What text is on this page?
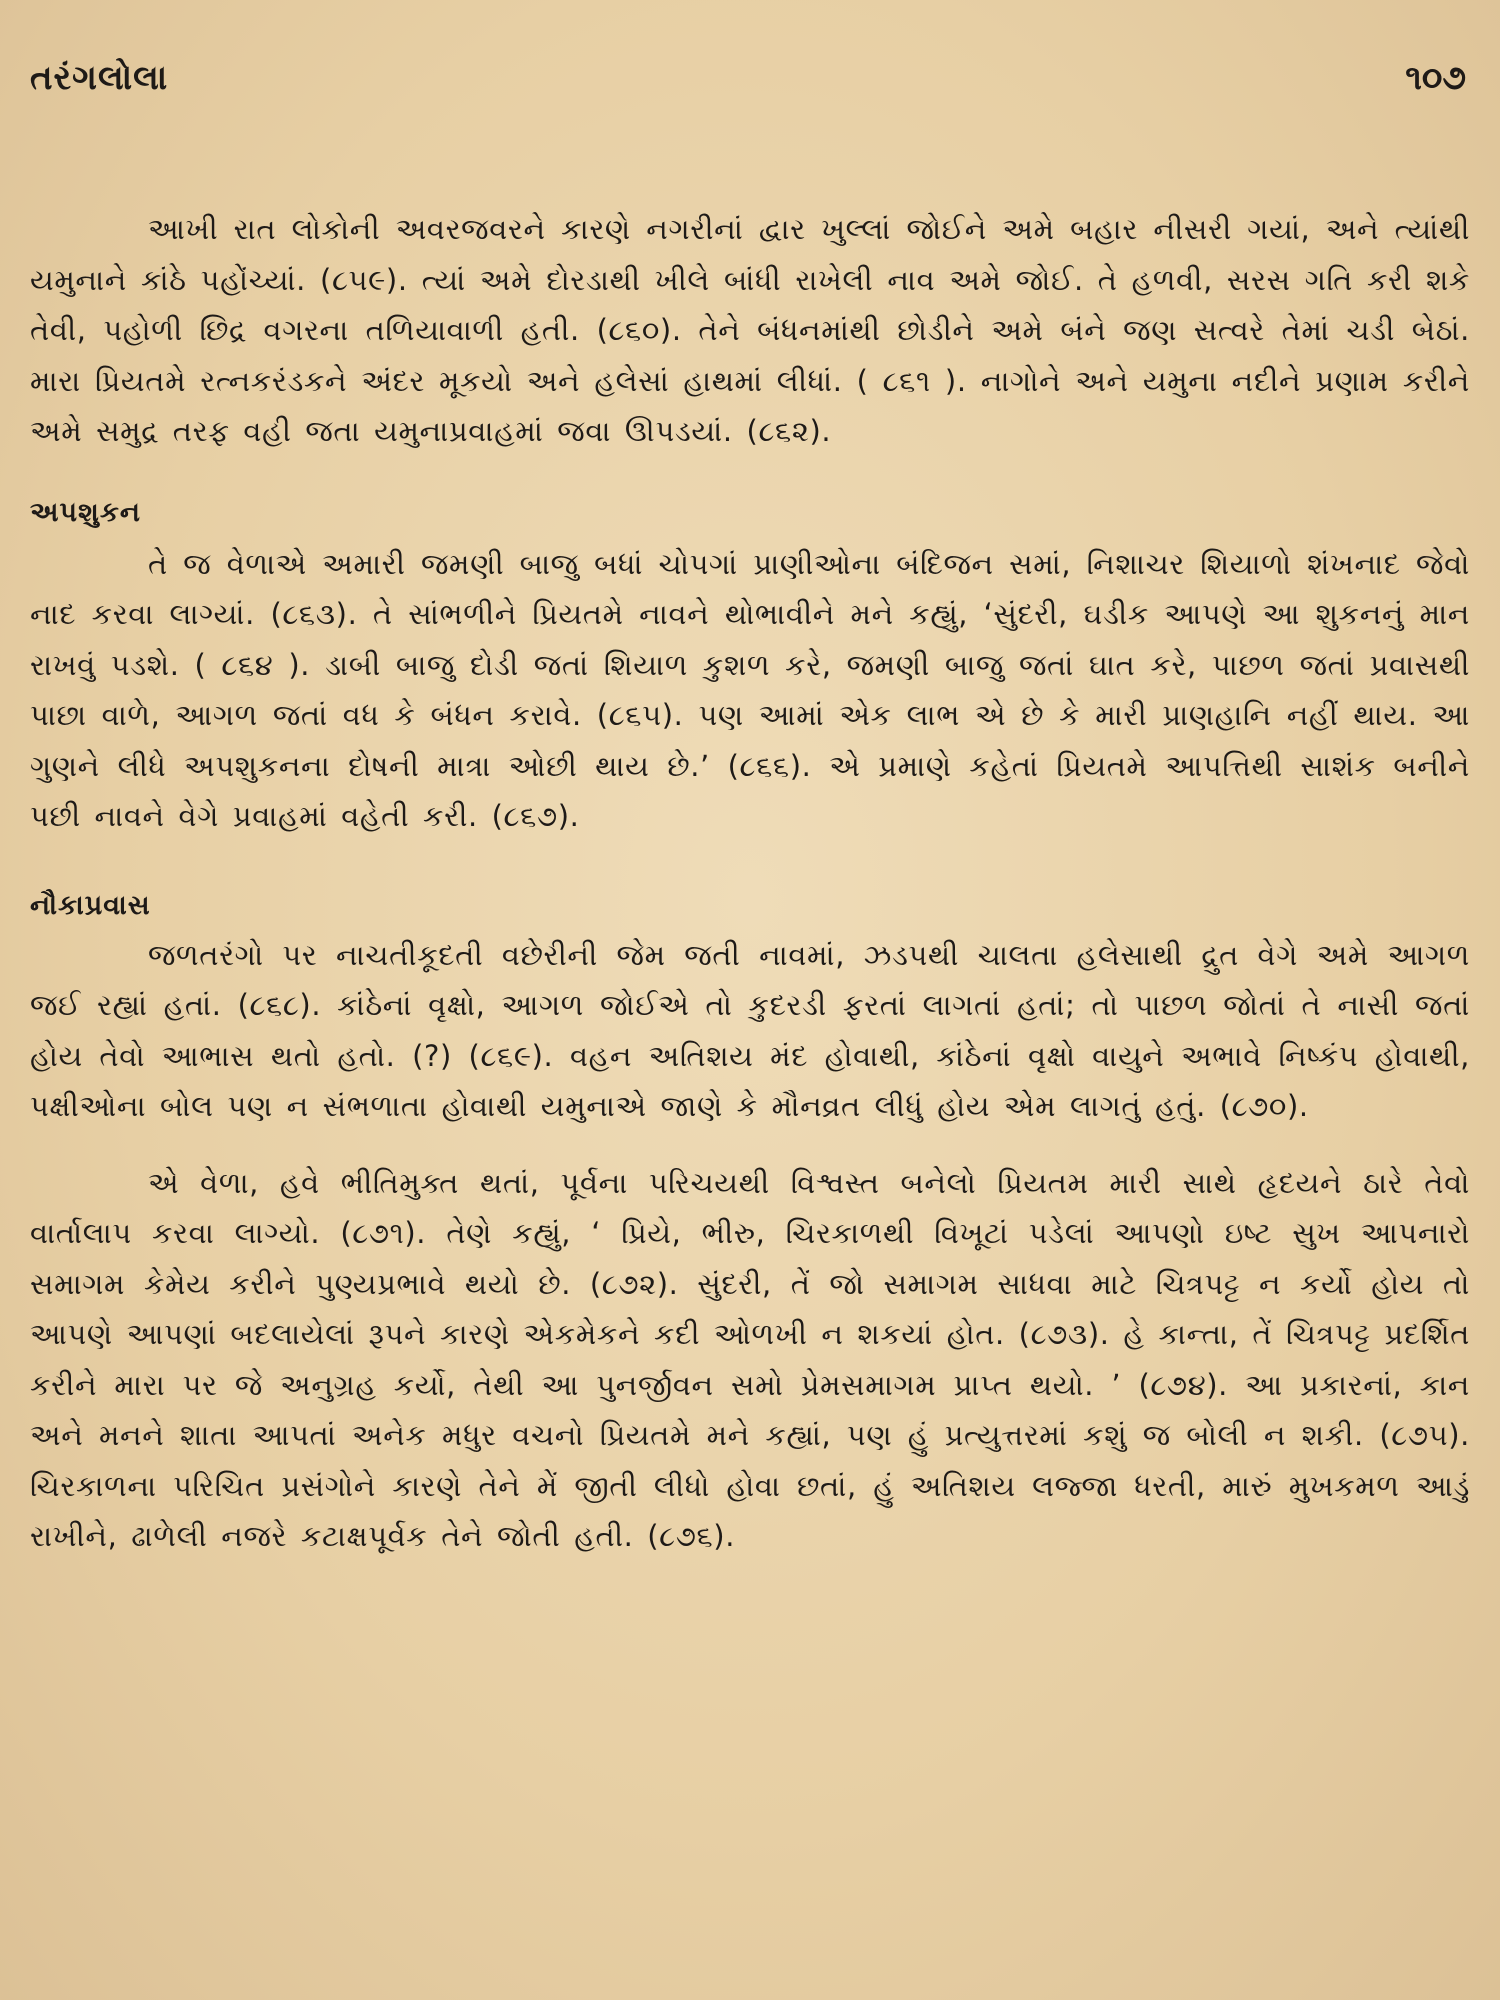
તરંગલોલા	૧૦૭

આખી રાત લોકોની અવરજવરને કારણે નગરીનાં દ્વાર ખુલ્લાં જોઈને અમે બહાર નીસરી ગયાં, અને ત્યાંથી યમુનાને કાંઠે પહોંચ્યાં. (૮૫૯). ત્યાં અમે દોરડાથી ખીલે બાંધી રાખેલી નાવ અમે જોઈ. તે હળવી, સરસ ગતિ કરી શકે તેવી, પહોળી છિદ્ર વગરના તળિયાવાળી હતી. (૮૬૦). તેને બંધનમાંથી છોડીને અમે બંને જણ સત્વરે તેમાં ચડી બેઠાં. મારા પ્રિયતમે રત્નકરંડકને અંદર મૂકયો અને હલેસાં હાથમાં લીધાં. ( ૮૬૧ ). નાગોને અને યમુના નદીને પ્રણામ કરીને અમે સમુદ્ર તરફ વહી જતા યમુનાપ્રવાહમાં જવા ઊપડયાં. (૮૬૨).

અપશુકન

તે જ વેળાએ અમારી જમણી બાજુ બધાં ચોપગાં પ્રાણીઓના બંદિજન સમાં, નિશાચર શિયાળો શંખનાદ જેવો નાદ કરવા લાગ્યાં. (૮૬૩). તે સાંભળીને પ્રિયતમે નાવને થોભાવીને મને કહ્યું, ‘સુંદરી, ઘડીક આપણે આ શુકનનું માન રાખવું પડશે. ( ૮૬૪ ). ડાબી બાજુ દોડી જતાં શિયાળ કુશળ કરે, જમણી બાજુ જતાં ઘાત કરે, પાછળ જતાં પ્રવાસથી પાછા વાળે, આગળ જતાં વધ કે બંધન કરાવે. (૮૬૫). પણ આમાં એક લાભ એ છે કે મારી પ્રાણહાનિ નહીં થાય. આ ગુણને લીધે અપશુકનના દોષની માત્રા ઓછી થાય છે.’ (૮૬૬). એ પ્રમાણે કહેતાં પ્રિયતમે આપત્તિથી સાશંક બનીને પછી નાવને વેગે પ્રવાહમાં વહેતી કરી. (૮૬૭).

નૌકાપ્રવાસ

જળતરંગો પર નાચતીકૂદતી વછેરીની જેમ જતી નાવમાં, ઝડપથી ચાલતા હલેસાથી દ્રુત વેગે અમે આગળ જઈ રહ્યાં હતાં. (૮૬૮). કાંઠેનાં વૃક્ષો, આગળ જોઈએ તો કુદરડી ફરતાં લાગતાં હતાં; તો પાછળ જોતાં તે નાસી જતાં હોય તેવો આભાસ થતો હતો. (?) (૮૬૯). વહન અતિશય મંદ હોવાથી, કાંઠેનાં વૃક્ષો વાયુને અભાવે નિષ્કંપ હોવાથી, પક્ષીઓના બોલ પણ ન સંભળાતા હોવાથી યમુનાએ જાણે કે મૌનવ્રત લીધું હોય એમ લાગતું હતું. (૮૭૦).

એ વેળા, હવે ભીતિમુક્ત થતાં, પૂર્વના પરિચયથી વિશ્વસ્ત બનેલો પ્રિયતમ મારી સાથે હૃદયને ઠારે તેવો વાર્તાલાપ કરવા લાગ્યો. (૮૭૧). તેણે કહ્યું, ‘ પ્રિયે, ભીરુ, ચિરકાળથી વિખૂટાં પડેલાં આપણો ઇષ્ટ સુખ આપનારો સમાગમ કેમેય કરીને પુણ્યપ્રભાવે થયો છે. (૮૭૨). સુંદરી, તેં જો સમાગમ સાધવા માટે ચિત્રપટ્ટ ન કર્યો હોય તો આપણે આપણાં બદલાયેલાં રૂપને કારણે એકમેકને કદી ઓળખી ન શકયાં હોત. (૮૭૩). હે કાન્તા, તેં ચિત્રપટ્ટ પ્રદર્શિત કરીને મારા પર જે અનુગ્રહ કર્યો, તેથી આ પુનર્જીવન સમો પ્રેમસમાગમ પ્રાપ્ત થયો. ’ (૮૭૪). આ પ્રકારનાં, કાન અને મનને શાતા આપતાં અનેક મધુર વચનો પ્રિયતમે મને કહ્યાં, પણ હું પ્રત્યુત્તરમાં કશું જ બોલી ન શકી. (૮૭૫). ચિરકાળના પરિચિત પ્રસંગોને કારણે તેને મેં જીતી લીધો હોવા છતાં, હું અતિશય લજ્જા ધરતી, મારું મુખકમળ આડું રાખીને, ઢાળેલી નજરે કટાક્ષપૂર્વક તેને જોતી હતી. (૮૭૬).
